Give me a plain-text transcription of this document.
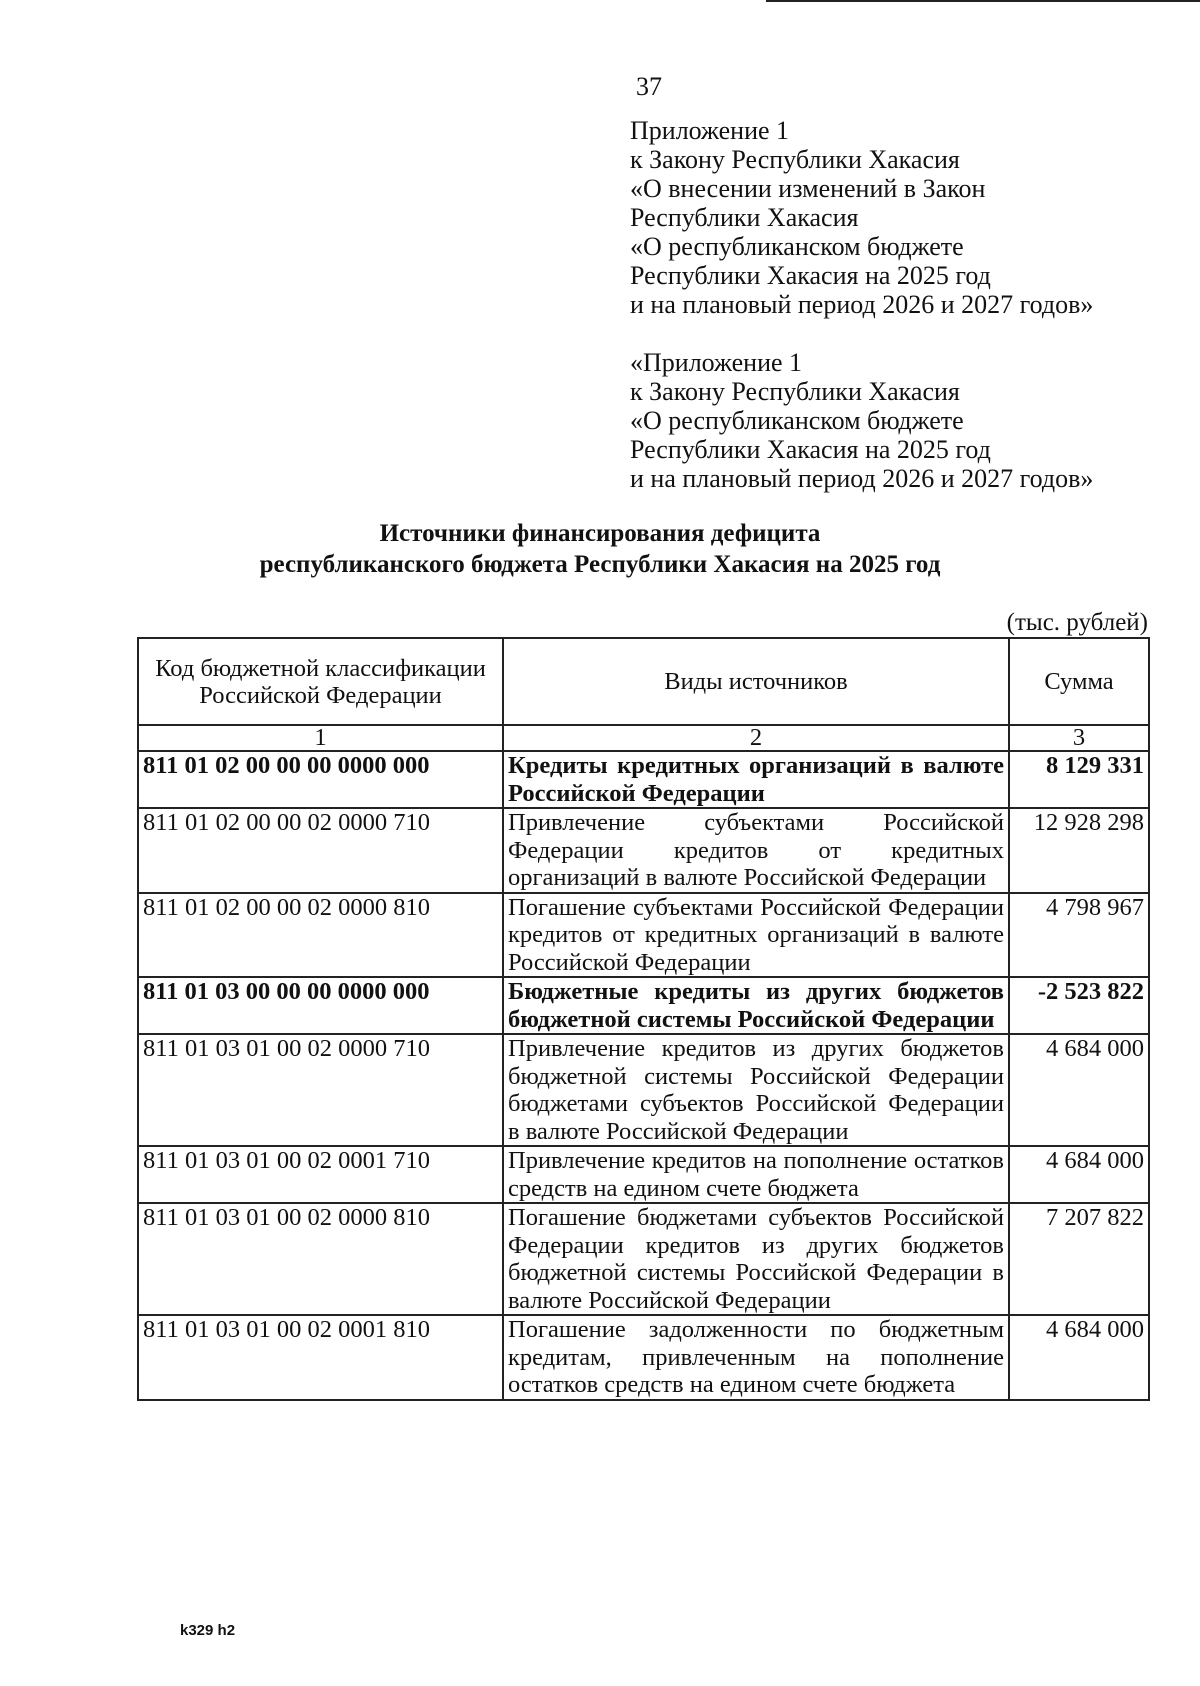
37
Приложение 1
к Закону Республики Хакасия
«О внесении изменений в Закон
Республики Хакасия
«О республиканском бюджете
Республики Хакасия на 2025 год
и на плановый период 2026 и 2027 годов»
«Приложение 1
к Закону Республики Хакасия
«О республиканском бюджете
Республики Хакасия на 2025 год
и на плановый период 2026 и 2027 годов»
Источники финансирования дефицита
республиканского бюджета Республики Хакасия на 2025 год
(тыс. рублей)
Код бюджетной классификации Российской Федерации	Виды источников	Сумма
1	2	3
811 01 02 00 00 00 0000 000	Кредиты кредитных организаций в валюте Российской Федерации	8 129 331
811 01 02 00 00 02 0000 710	Привлечение субъектами Российской Федерации кредитов от кредитных организаций в валюте Российской Федерации	12 928 298
811 01 02 00 00 02 0000 810	Погашение субъектами Российской Федерации кредитов от кредитных организаций в валюте Российской Федерации	4 798 967
811 01 03 00 00 00 0000 000	Бюджетные кредиты из других бюджетов бюджетной системы Российской Федерации	-2 523 822
811 01 03 01 00 02 0000 710	Привлечение кредитов из других бюджетов бюджетной системы Российской Федерации бюджетами субъектов Российской Федерации в валюте Российской Федерации	4 684 000
811 01 03 01 00 02 0001 710	Привлечение кредитов на пополнение остатков средств на едином счете бюджета	4 684 000
811 01 03 01 00 02 0000 810	Погашение бюджетами субъектов Российской Федерации кредитов из других бюджетов бюджетной системы Российской Федерации в валюте Российской Федерации	7 207 822
811 01 03 01 00 02 0001 810	Погашение задолженности по бюджетным кредитам, привлеченным на пополнение остатков средств на едином счете бюджета	4 684 000
k329 h2
